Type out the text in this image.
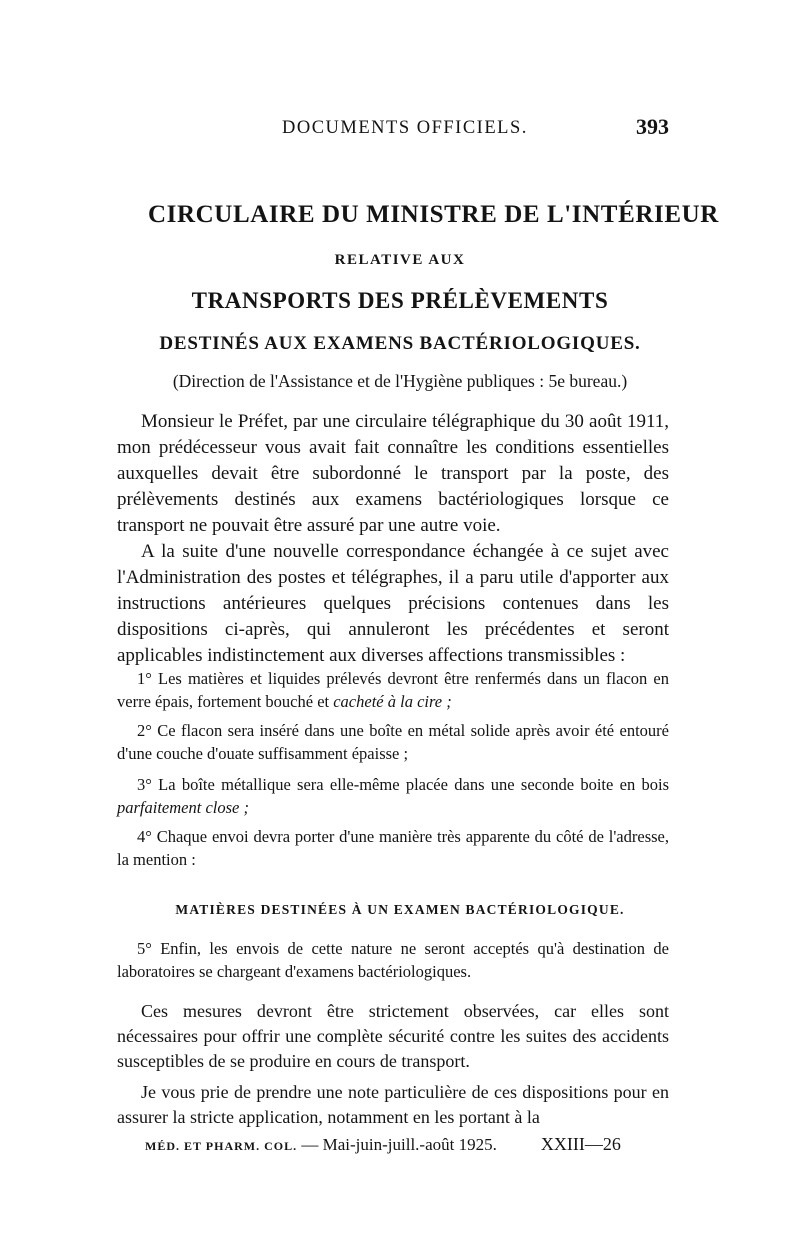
DOCUMENTS OFFICIELS.	393
CIRCULAIRE DU MINISTRE DE L'INTÉRIEUR
RELATIVE AUX
TRANSPORTS DES PRÉLÈVEMENTS
DESTINÉS AUX EXAMENS BACTÉRIOLOGIQUES.
(Direction de l'Assistance et de l'Hygiène publiques : 5e bureau.)

Monsieur le Préfet, par une circulaire télégraphique du 30 août 1911, mon prédécesseur vous avait fait connaître les conditions essentielles auxquelles devait être subordonné le transport par la poste, des prélèvements destinés aux examens bactériologiques lorsque ce transport ne pouvait être assuré par une autre voie.

A la suite d'une nouvelle correspondance échangée à ce sujet avec l'Administration des postes et télégraphes, il a paru utile d'apporter aux instructions antérieures quelques précisions contenues dans les dispositions ci-après, qui annuleront les précédentes et seront applicables indistinctement aux diverses affections transmissibles :

1° Les matières et liquides prélevés devront être renfermés dans un flacon en verre épais, fortement bouché et cacheté à la cire ;

2° Ce flacon sera inséré dans une boîte en métal solide après avoir été entouré d'une couche d'ouate suffisamment épaisse ;

3° La boîte métallique sera elle-même placée dans une seconde boite en bois parfaitement close ;

4° Chaque envoi devra porter d'une manière très apparente du côté de l'adresse, la mention :

MATIÈRES DESTINÉES À UN EXAMEN BACTÉRIOLOGIQUE.

5° Enfin, les envois de cette nature ne seront acceptés qu'à destination de laboratoires se chargeant d'examens bactériologiques.

Ces mesures devront être strictement observées, car elles sont nécessaires pour offrir une complète sécurité contre les suites des accidents susceptibles de se produire en cours de transport.

Je vous prie de prendre une note particulière de ces dispositions pour en assurer la stricte application, notamment en les portant à la

MÉD. ET PHARM. COL. — Mai-juin-juill.-août 1925. XXIII—26
